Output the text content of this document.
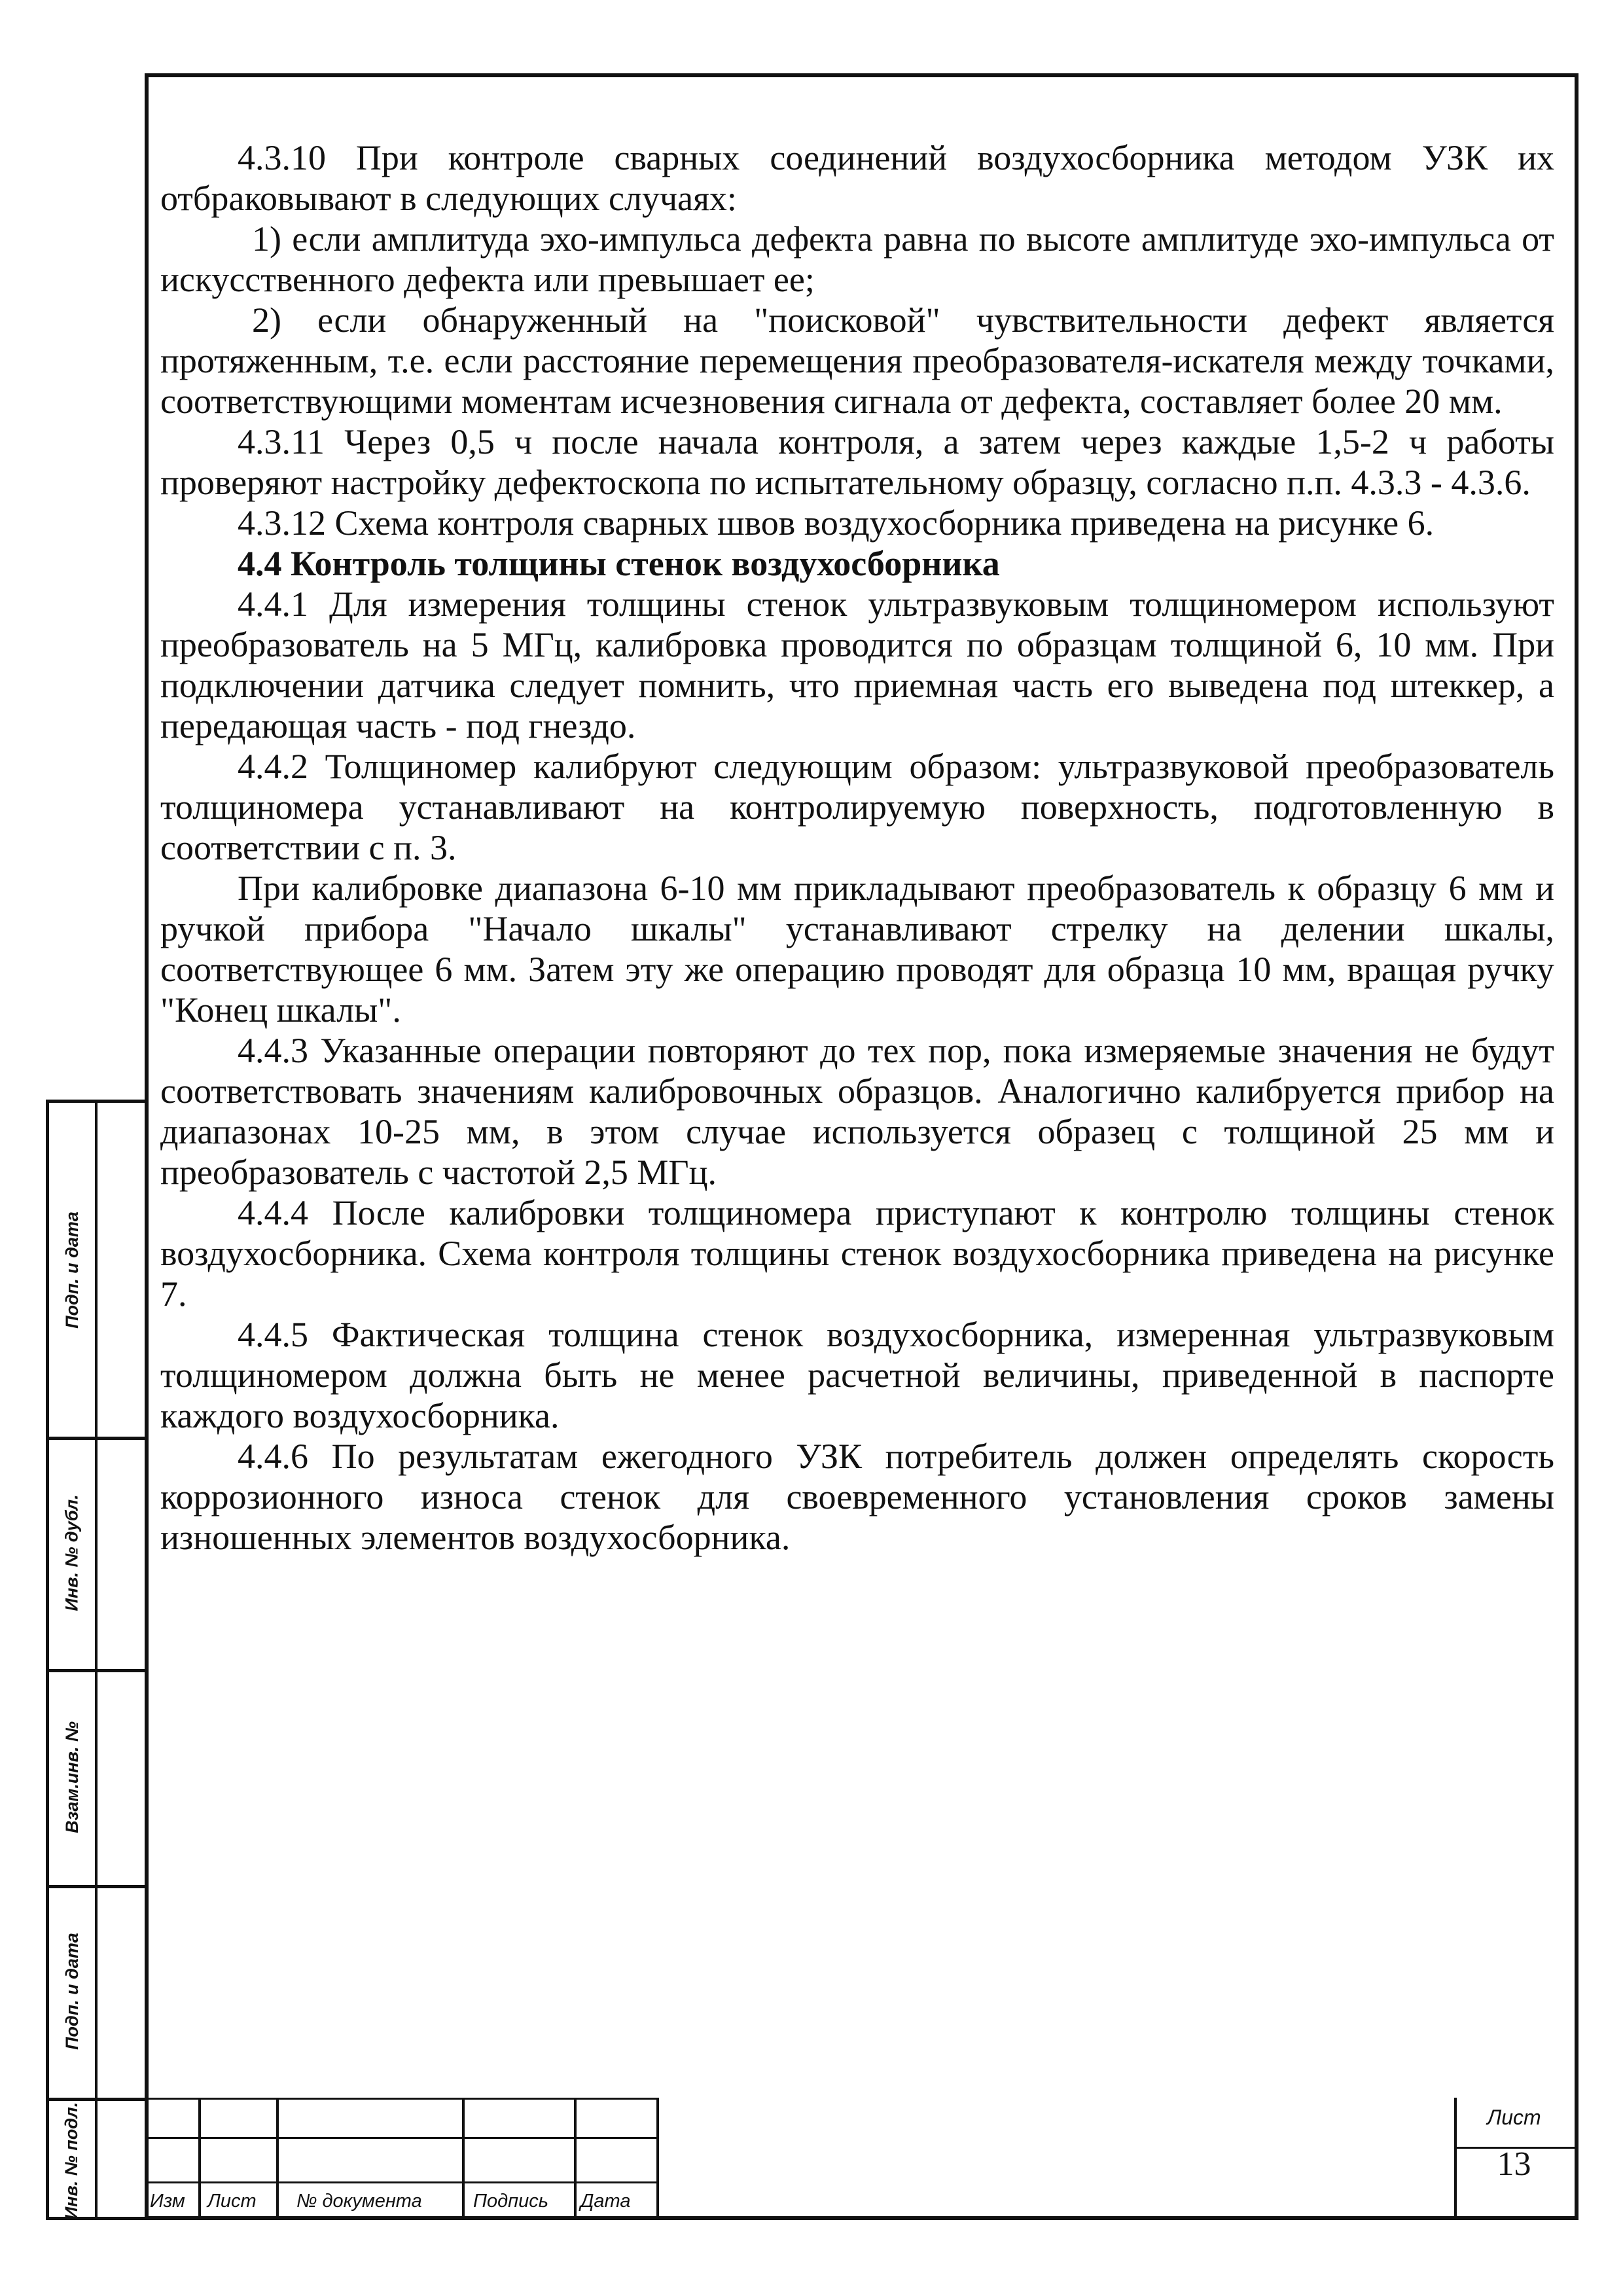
4.3.10 При контроле сварных соединений воздухосборника методом УЗК их отбраковывают в следующих случаях:

1) если амплитуда эхо-импульса дефекта равна по высоте амплитуде эхо-импульса от искусственного дефекта или превышает ее;

2) если обнаруженный на "поисковой" чувствительности дефект является протяженным, т.е. если расстояние перемещения преобразователя-искателя между точками, соответствующими моментам исчезновения сигнала от дефекта, составляет более 20 мм.

4.3.11 Через 0,5 ч после начала контроля, а затем через каждые 1,5-2 ч работы проверяют настройку дефектоскопа по испытательному образцу, согласно п.п. 4.3.3 - 4.3.6.

4.3.12 Схема контроля сварных швов воздухосборника приведена на рисунке 6.

4.4 Контроль толщины стенок воздухосборника

4.4.1 Для измерения толщины стенок ультразвуковым толщиномером используют преобразователь на 5 МГц, калибровка проводится по образцам толщиной 6, 10 мм. При подключении датчика следует помнить, что приемная часть его выведена под штеккер, а передающая часть - под гнездо.

4.4.2 Толщиномер калибруют следующим образом: ультразвуковой преобразователь толщиномера устанавливают на контролируемую поверхность, подготовленную в соответствии с п. 3.

При калибровке диапазона 6-10 мм прикладывают преобразователь к образцу 6 мм и ручкой прибора "Начало шкалы" устанавливают стрелку на делении шкалы, соответствующее 6 мм. Затем эту же операцию проводят для образца 10 мм, вращая ручку "Конец шкалы".

4.4.3 Указанные операции повторяют до тех пор, пока измеряемые значения не будут соответствовать значениям калибровочных образцов. Аналогично калибруется прибор на диапазонах 10-25 мм, в этом случае используется образец с толщиной 25 мм и преобразователь с частотой 2,5 МГц.

4.4.4 После калибровки толщиномера приступают к контролю толщины стенок воздухосборника. Схема контроля толщины стенок воздухосборника приведена на рисунке 7.

4.4.5 Фактическая толщина стенок воздухосборника, измеренная ультразвуковым толщиномером должна быть не менее расчетной величины, приведенной в паспорте каждого воздухосборника.

4.4.6 По результатам ежегодного УЗК потребитель должен определять скорость коррозионного износа стенок для своевременного установления сроков замены изношенных элементов воздухосборника.

Подп. и дата
Инв. № дубл.
Взам.инв. №
Подп. и дата
Инв. № подл.	Изм Лист № документа	Подпись Дата
Лист
13
